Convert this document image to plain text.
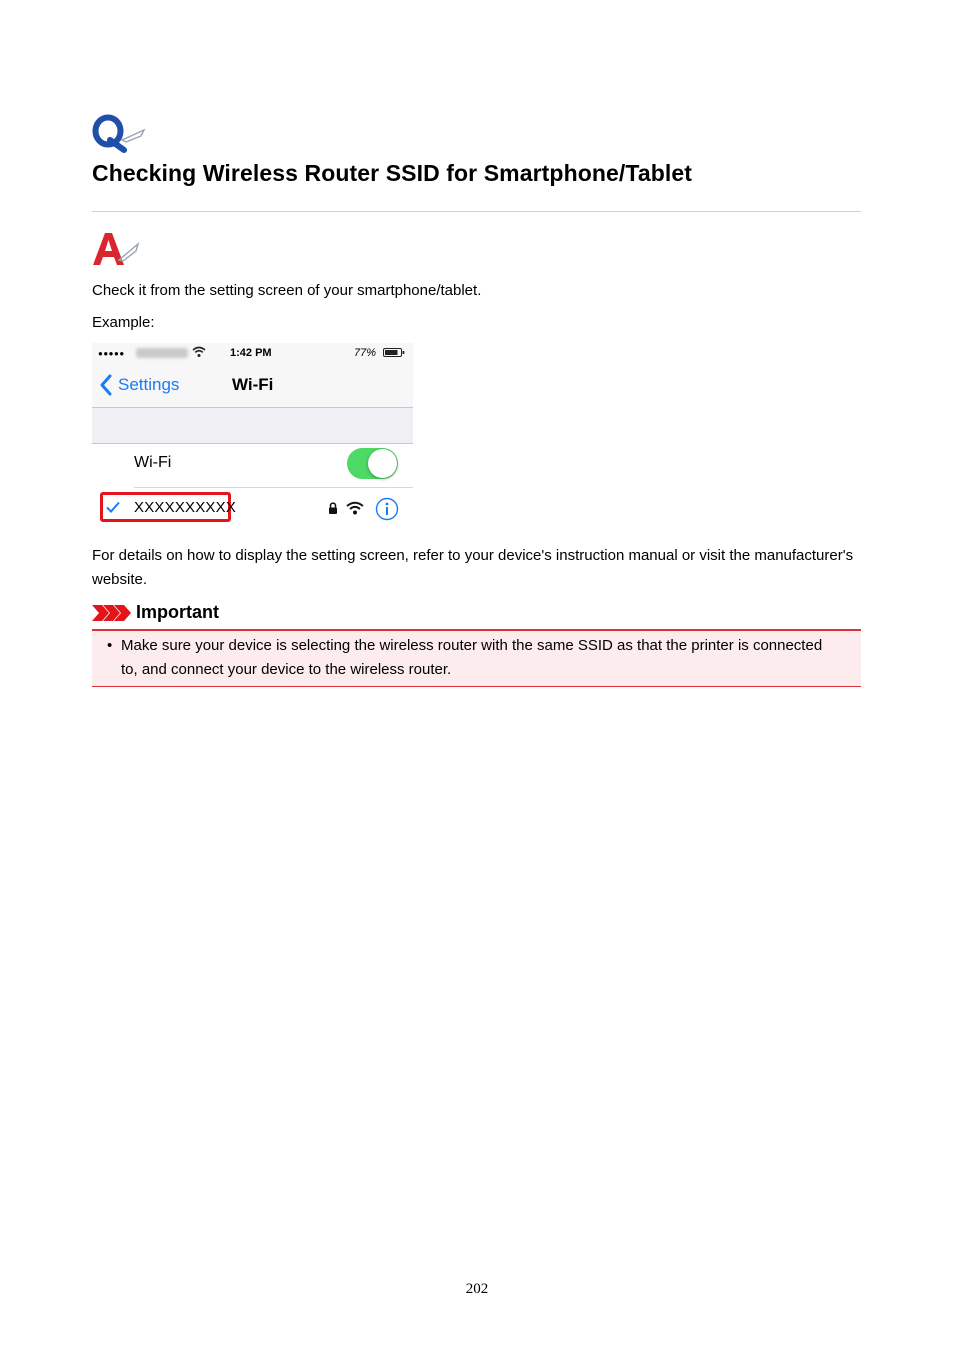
Checking Wireless Router SSID for Smartphone/Tablet

Check it from the setting screen of your smartphone/tablet.

Example:

●●●●●	1:42 PM	77%
Settings	Wi-Fi
Wi-Fi
XXXXXXXXXX

For details on how to display the setting screen, refer to your device's instruction manual or visit the manufacturer's website.

Important
• Make sure your device is selecting the wireless router with the same SSID as that the printer is connected to, and connect your device to the wireless router.
202
